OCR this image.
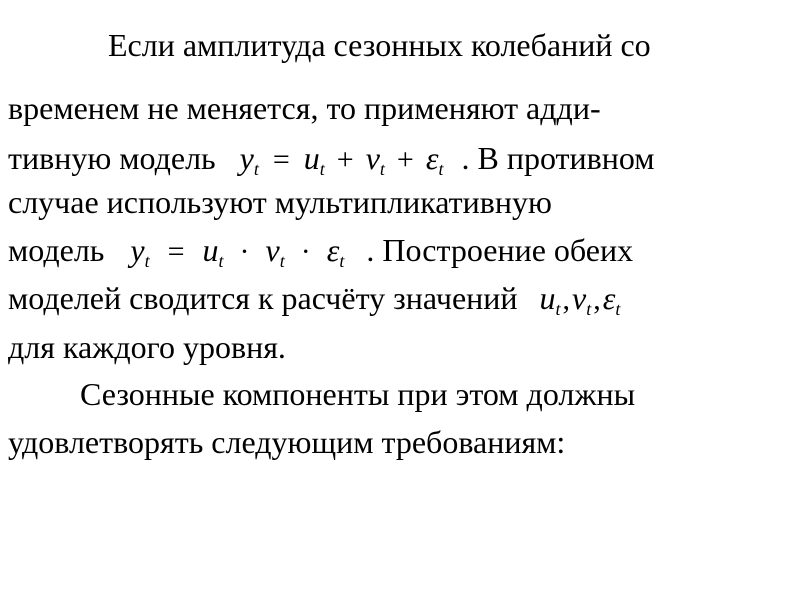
Если амплитуда сезонных колебаний со
временем не меняется, то применяют адди-
тивную модель $y_t = u_t + v_t + \varepsilon_t$ . В противном
случае используют мультипликативную
модель $y_t = u_t \cdot v_t \cdot \varepsilon_t$ . Построение обеих
моделей сводится к расчёту значений $u_t,v_t,\varepsilon_t$
для каждого уровня.
Сезонные компоненты при этом должны
удовлетворять следующим требованиям:
